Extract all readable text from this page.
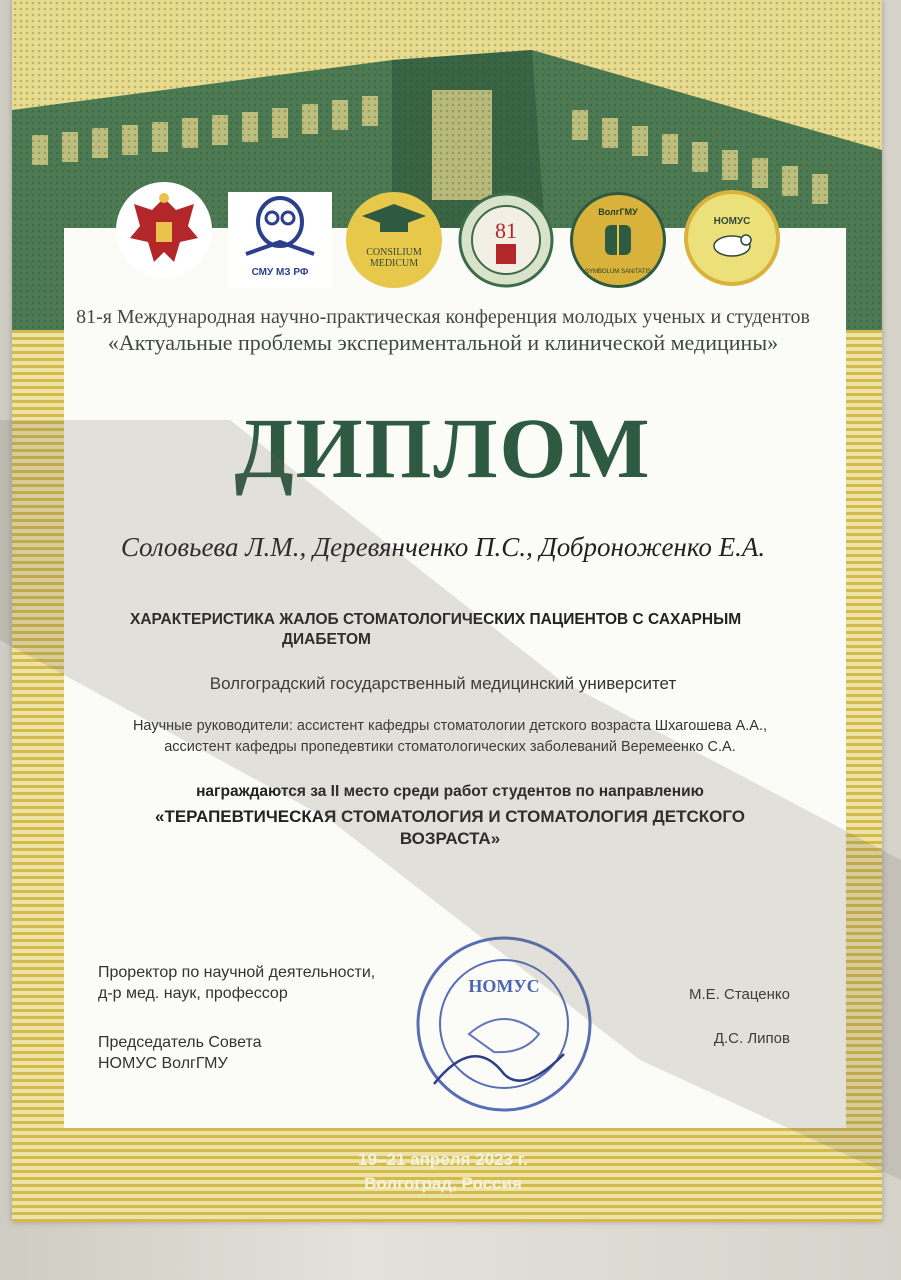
СМУ МЗ РФ
CONSILIUM
MEDICUM
81
ВолгГМУ
SYMBOLUM SANITATIS
НОМУС
81-я Международная научно-практическая конференция молодых ученых и студентов
«Актуальные проблемы экспериментальной и клинической медицины»
ДИПЛОМ
Соловьева Л.М., Деревянченко П.С., Доброноженко Е.А.
ХАРАКТЕРИСТИКА ЖАЛОБ СТОМАТОЛОГИЧЕСКИХ ПАЦИЕНТОВ С САХАРНЫМ
ДИАБЕТОМ
Волгоградский государственный медицинский университет
Научные руководители: ассистент кафедры стоматологии детского возраста Шхагошева А.А.,
ассистент кафедры пропедевтики стоматологических заболеваний Веремеенко С.А.
награждаются за II место среди работ студентов по направлению
«ТЕРАПЕВТИЧЕСКАЯ СТОМАТОЛОГИЯ И СТОМАТОЛОГИЯ ДЕТСКОГО
ВОЗРАСТА»
Проректор по научной деятельности,
д-р мед. наук, профессор
Председатель Совета
НОМУС ВолгГМУ
М.Е. Стаценко
Д.С. Липов
НОМУС
19–21 апреля 2023 г.
Волгоград, Россия
